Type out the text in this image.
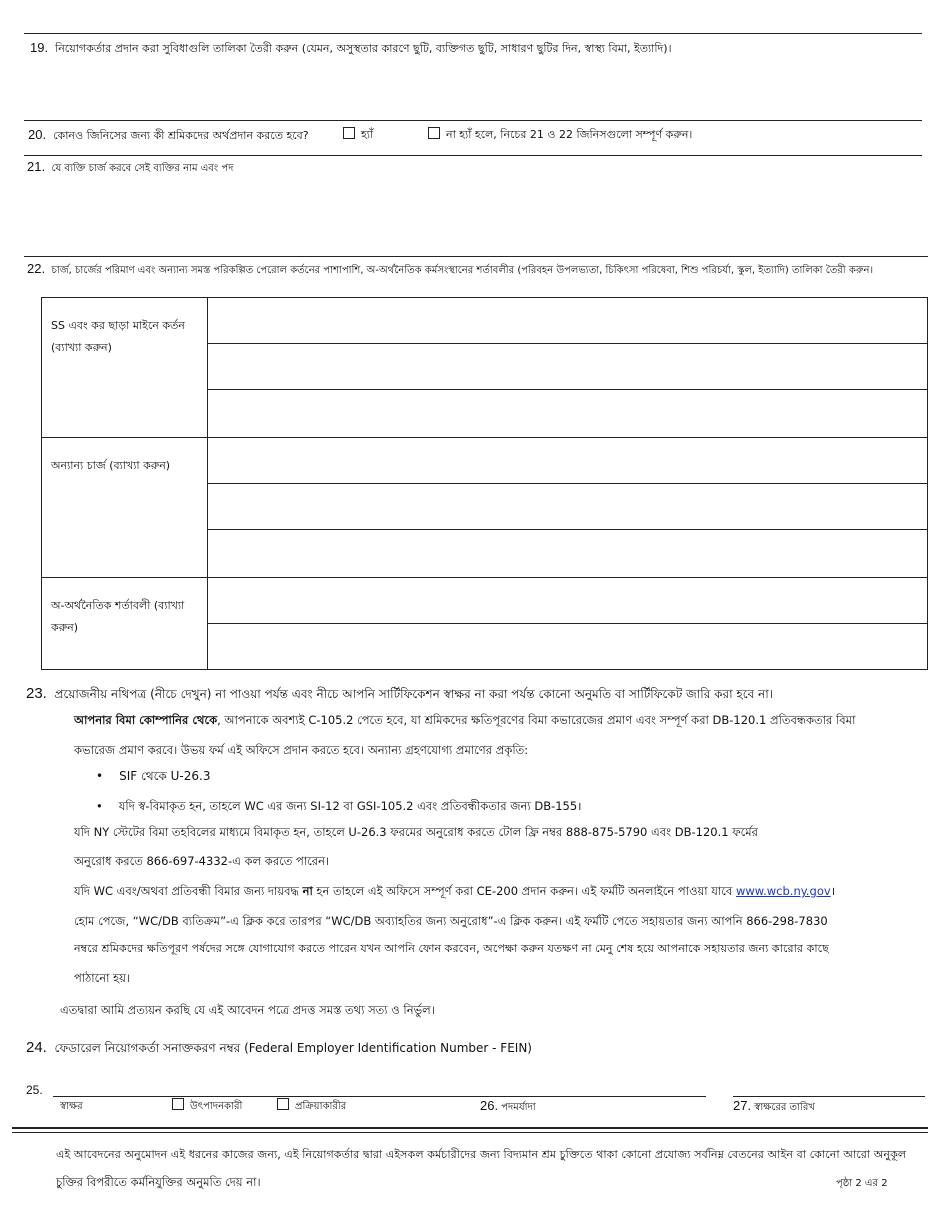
19. নিয়োগকর্তার প্রদান করা সুবিধাগুলি তালিকা তৈরী করুন (যেমন, অসুস্থতার কারণে ছুটি, ব্যক্তিগত ছুটি, সাধারণ ছুটির দিন, স্বাস্থ্য বিমা, ইত্যাদি)।
20. কোনও জিনিসের জন্য কী শ্রমিকদের অর্থপ্রদান করতে হবে?	হ্যাঁ	না হ্যাঁ হলে, নিচের 21 ও 22 জিনিসগুলো সম্পূর্ণ করুন।
21. যে ব্যক্তি চার্জ করবে সেই ব্যক্তির নাম এবং পদ
22. চার্জ, চার্জের পরিমাণ এবং অন্যান্য সমস্ত পরিকল্পিত পেরোল কর্তনের পাশাপাশি, অ-অর্থনৈতিক কর্মসংস্থানের শর্তাবলীর (পরিবহন উপলভ্যতা, চিকিৎসা পরিষেবা, শিশু পরিচর্যা, স্কুল, ইত্যাদি) তালিকা তৈরী করুন।
SS এবং কর ছাড়া মাইনে কর্তন (ব্যাখ্যা করুন)	

অন্যান্য চার্জ (ব্যাখ্যা করুন)	

অ-অর্থনৈতিক শর্তাবলী (ব্যাখ্যা করুন)	

23. প্রয়োজনীয় নথিপত্র (নীচে দেখুন) না পাওয়া পর্যন্ত এবং নীচে আপনি সার্টিফিকেশন স্বাক্ষর না করা পর্যন্ত কোনো অনুমতি বা সার্টিফিকেট জারি করা হবে না।
আপনার বিমা কোম্পানির থেকে, আপনাকে অবশ্যই C-105.2 পেতে হবে, যা শ্রমিকদের ক্ষতিপূরণের বিমা কভারেজের প্রমাণ এবং সম্পূর্ণ করা DB-120.1 প্রতিবন্ধকতার বিমা
কভারেজ প্রমাণ করবে। উভয় ফর্ম এই অফিসে প্রদান করতে হবে। অন্যান্য গ্রহণযোগ্য প্রমাণের প্রকৃতি:
• SIF থেকে U-26.3
• যদি স্ব-বিমাকৃত হন, তাহলে WC এর জন্য SI-12 বা GSI-105.2 এবং প্রতিবন্ধীকতার জন্য DB-155।
যদি NY স্টেটের বিমা তহবিলের মাধ্যমে বিমাকৃত হন, তাহলে U-26.3 ফরমের অনুরোধ করতে টোল ফ্রি নম্বর 888-875-5790 এবং DB-120.1 ফর্মের
অনুরোধ করতে 866-697-4332-এ কল করতে পারেন।
যদি WC এবং/অথবা প্রতিবন্ধী বিমার জন্য দায়বদ্ধ না হন তাহলে এই অফিসে সম্পূর্ণ করা CE-200 প্রদান করুন। এই ফর্মটি অনলাইনে পাওয়া যাবে www.wcb.ny.gov।
হোম পেজে, “WC/DB ব্যতিক্রম”-এ ক্লিক করে তারপর “WC/DB অব্যাহতির জন্য অনুরোধ”-এ ক্লিক করুন। এই ফর্মটি পেতে সহায়তার জন্য আপনি 866-298-7830
নম্বরে শ্রমিকদের ক্ষতিপূরণ পর্ষদের সঙ্গে যোগাযোগ করতে পারেন যখন আপনি ফোন করবেন, অপেক্ষা করুন যতক্ষণ না মেনু শেষ হয়ে আপনাকে সহায়তার জন্য কারোর কাছে
পাঠানো হয়।
এতদ্বারা আমি প্রত্যয়ন করছি যে এই আবেদন পত্রে প্রদত্ত সমস্ত তথ্য সত্য ও নির্ভুল।
24. ফেডারেল নিয়োগকর্তা সনাক্তকরণ নম্বর (Federal Employer Identification Number - FEIN)
25.
স্বাক্ষর	উৎপাদনকারী	প্রক্রিয়াকারীর	26. পদমর্যাদা	27. স্বাক্ষরের তারিখ
এই আবেদনের অনুমোদন এই ধরনের কাজের জন্য, এই নিয়োগকর্তার দ্বারা এইসকল কর্মচারীদের জন্য বিদ্যমান শ্রম চুক্তিতে থাকা কোনো প্রযোজ্য সর্বনিম্ন বেতনের আইন বা কোনো আরো অনুকূল
চুক্তির বিপরীতে কর্মনিযুক্তির অনুমতি দেয় না।	পৃষ্ঠা 2 এর 2
